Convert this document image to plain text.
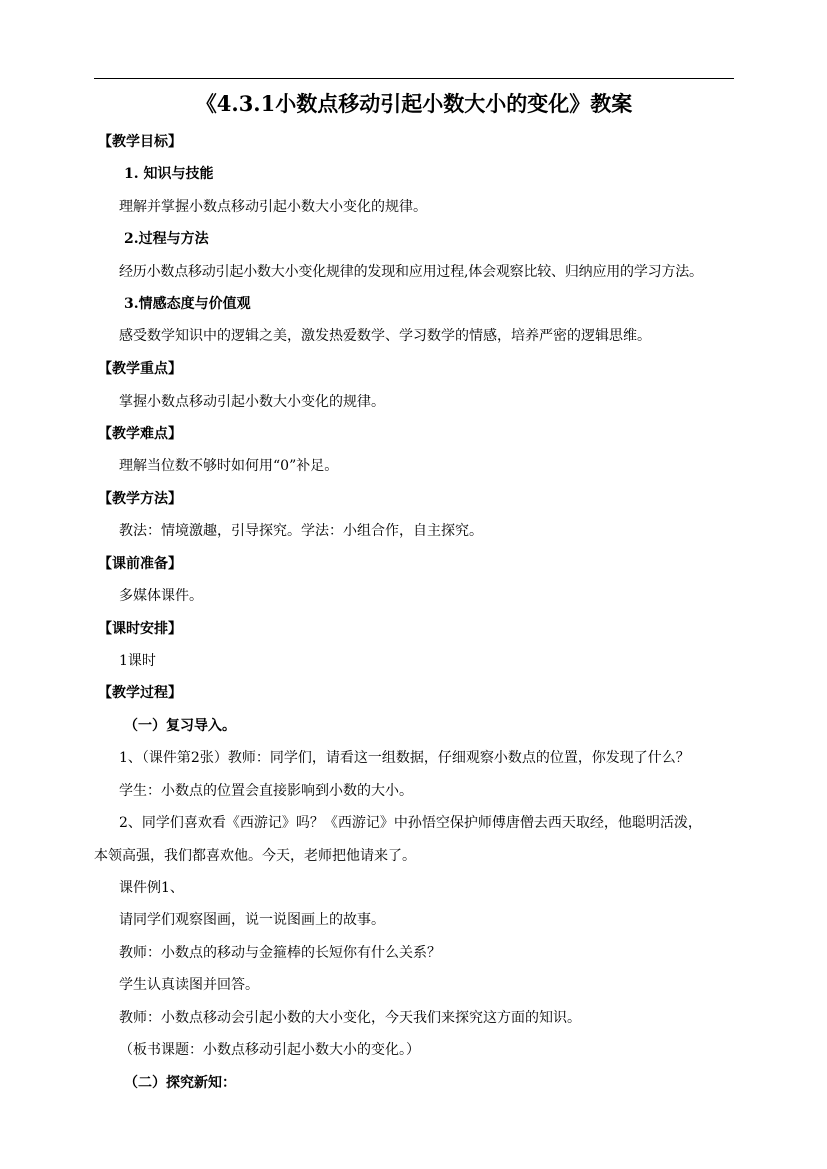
《4.3.1小数点移动引起小数大小的变化》教案
【教学目标】
1. 知识与技能
理解并掌握小数点移动引起小数大小变化的规律。
2.过程与方法
经历小数点移动引起小数大小变化规律的发现和应用过程,体会观察比较、归纳应用的学习方法。
3.情感态度与价值观
感受数学知识中的逻辑之美，激发热爱数学、学习数学的情感，培养严密的逻辑思维。
【教学重点】
掌握小数点移动引起小数大小变化的规律。
【教学难点】
理解当位数不够时如何用“0”补足。
【教学方法】
教法：情境激趣，引导探究。学法：小组合作，自主探究。
【课前准备】
多媒体课件。
【课时安排】
1课时
【教学过程】
（一）复习导入。
1、（课件第2张）教师：同学们，请看这一组数据，仔细观察小数点的位置，你发现了什么？
学生：小数点的位置会直接影响到小数的大小。
2、同学们喜欢看《西游记》吗？《西游记》中孙悟空保护师傅唐僧去西天取经，他聪明活泼，
本领高强，我们都喜欢他。今天，老师把他请来了。
课件例1、
请同学们观察图画，说一说图画上的故事。
教师：小数点的移动与金箍棒的长短你有什么关系？
学生认真读图并回答。
教师：小数点移动会引起小数的大小变化，今天我们来探究这方面的知识。
（板书课题：小数点移动引起小数大小的变化。）
（二）探究新知：
